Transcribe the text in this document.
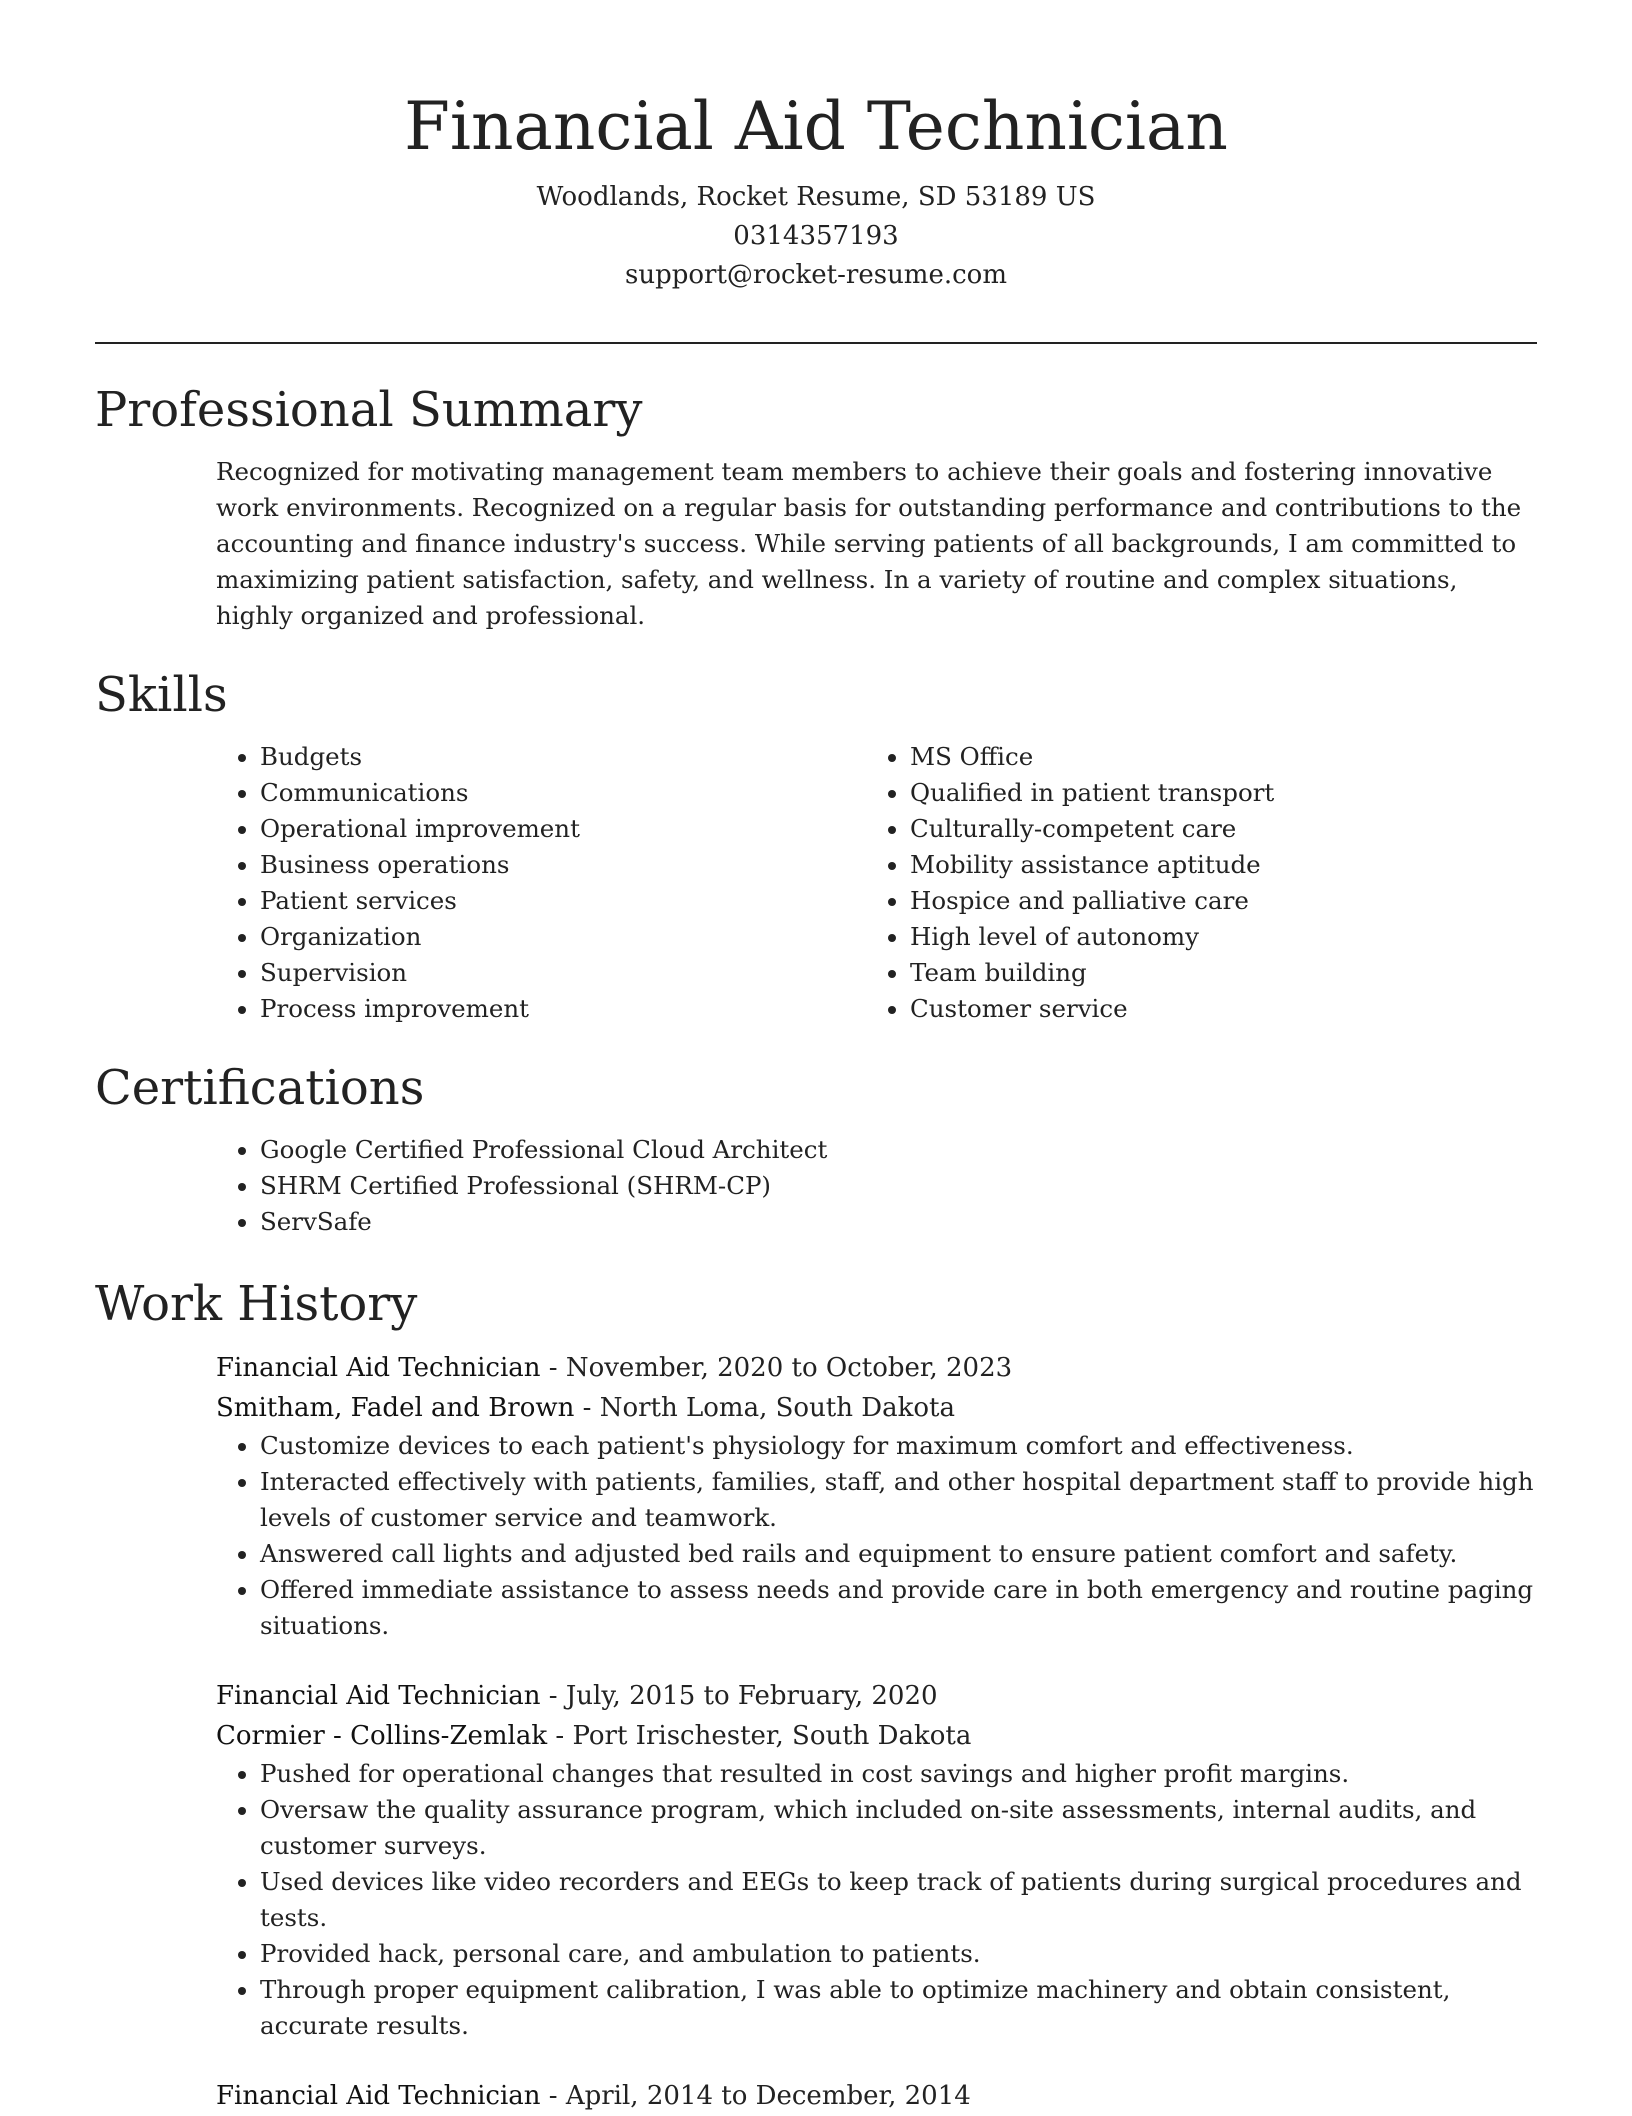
Financial Aid Technician
Woodlands, Rocket Resume, SD 53189 US
0314357193
support@rocket-resume.com
Professional Summary
Recognized for motivating management team members to achieve their goals and fostering innovative work environments. Recognized on a regular basis for outstanding performance and contributions to the accounting and finance industry's success. While serving patients of all backgrounds, I am committed to maximizing patient satisfaction, safety, and wellness. In a variety of routine and complex situations, highly organized and professional.
Skills
• Budgets
• Communications
• Operational improvement
• Business operations
• Patient services
• Organization
• Supervision
• Process improvement
• MS Office
• Qualified in patient transport
• Culturally-competent care
• Mobility assistance aptitude
• Hospice and palliative care
• High level of autonomy
• Team building
• Customer service
Certifications
• Google Certified Professional Cloud Architect
• SHRM Certified Professional (SHRM-CP)
• ServSafe
Work History
Financial Aid Technician - November, 2020 to October, 2023
Smitham, Fadel and Brown - North Loma, South Dakota
• Customize devices to each patient's physiology for maximum comfort and effectiveness.
• Interacted effectively with patients, families, staff, and other hospital department staff to provide high levels of customer service and teamwork.
• Answered call lights and adjusted bed rails and equipment to ensure patient comfort and safety.
• Offered immediate assistance to assess needs and provide care in both emergency and routine paging situations.
Financial Aid Technician - July, 2015 to February, 2020
Cormier - Collins-Zemlak - Port Irischester, South Dakota
• Pushed for operational changes that resulted in cost savings and higher profit margins.
• Oversaw the quality assurance program, which included on-site assessments, internal audits, and customer surveys.
• Used devices like video recorders and EEGs to keep track of patients during surgical procedures and tests.
• Provided hack, personal care, and ambulation to patients.
• Through proper equipment calibration, I was able to optimize machinery and obtain consistent, accurate results.
Financial Aid Technician - April, 2014 to December, 2014
